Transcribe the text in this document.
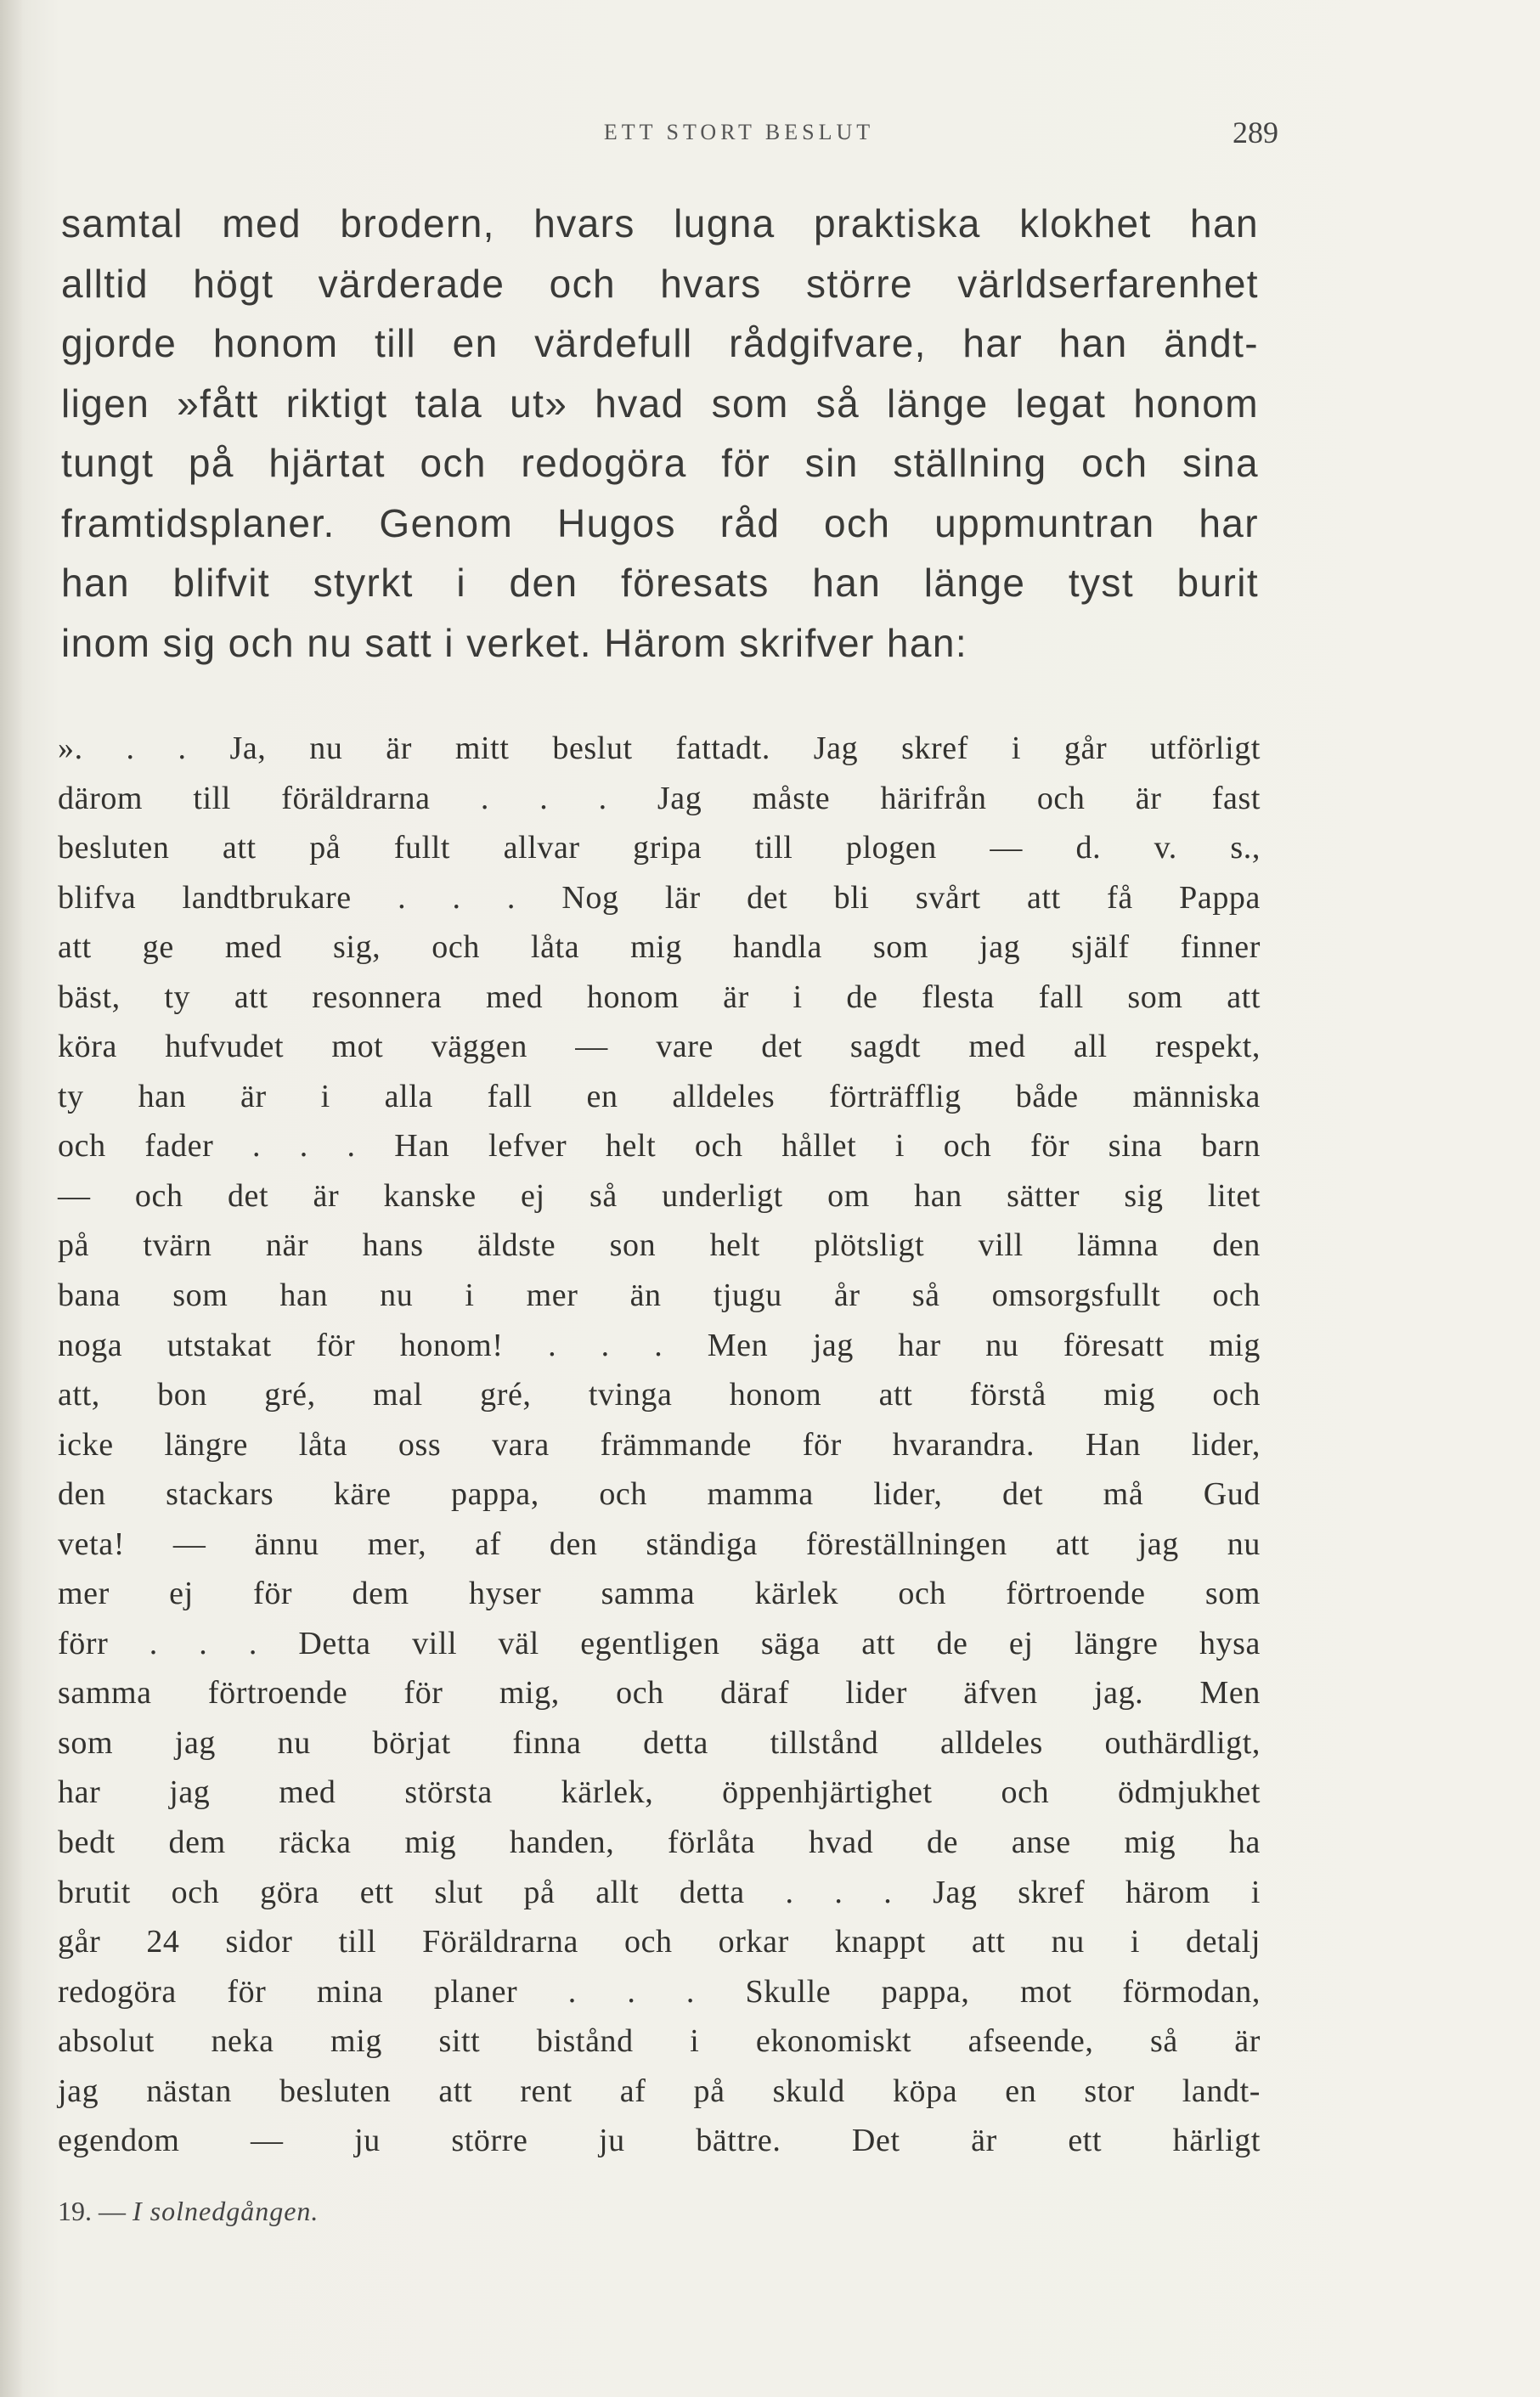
ETT STORT BESLUT	289
samtal med brodern, hvars lugna praktiska klokhet han
alltid högt värderade och hvars större världserfarenhet
gjorde honom till en värdefull rådgifvare, har han ändt-
ligen »fått riktigt tala ut» hvad som så länge legat honom
tungt på hjärtat och redogöra för sin ställning och sina
framtidsplaner. Genom Hugos råd och uppmuntran har
han blifvit styrkt i den föresats han länge tyst burit
inom sig och nu satt i verket. Härom skrifver han:
». . . Ja, nu är mitt beslut fattadt. Jag skref i går utförligt
därom till föräldrarna . . . Jag måste härifrån och är fast
besluten att på fullt allvar gripa till plogen — d. v. s.,
blifva landtbrukare . . . Nog lär det bli svårt att få Pappa
att ge med sig, och låta mig handla som jag själf finner
bäst, ty att resonnera med honom är i de flesta fall som att
köra hufvudet mot väggen — vare det sagdt med all respekt,
ty han är i alla fall en alldeles förträfflig både människa
och fader . . . Han lefver helt och hållet i och för sina barn
— och det är kanske ej så underligt om han sätter sig litet
på tvärn när hans äldste son helt plötsligt vill lämna den
bana som han nu i mer än tjugu år så omsorgsfullt och
noga utstakat för honom! . . . Men jag har nu föresatt mig
att, bon gré, mal gré, tvinga honom att förstå mig och
icke längre låta oss vara främmande för hvarandra. Han lider,
den stackars käre pappa, och mamma lider, det må Gud
veta! — ännu mer, af den ständiga föreställningen att jag nu
mer ej för dem hyser samma kärlek och förtroende som
förr . . . Detta vill väl egentligen säga att de ej längre hysa
samma förtroende för mig, och däraf lider äfven jag. Men
som jag nu börjat finna detta tillstånd alldeles outhärdligt,
har jag med största kärlek, öppenhjärtighet och ödmjukhet
bedt dem räcka mig handen, förlåta hvad de anse mig ha
brutit och göra ett slut på allt detta . . . Jag skref härom i
går 24 sidor till Föräldrarna och orkar knappt att nu i detalj
redogöra för mina planer . . . Skulle pappa, mot förmodan,
absolut neka mig sitt bistånd i ekonomiskt afseende, så är
jag nästan besluten att rent af på skuld köpa en stor landt-
egendom — ju större ju bättre. Det är ett härligt
19. — I solnedgången.
